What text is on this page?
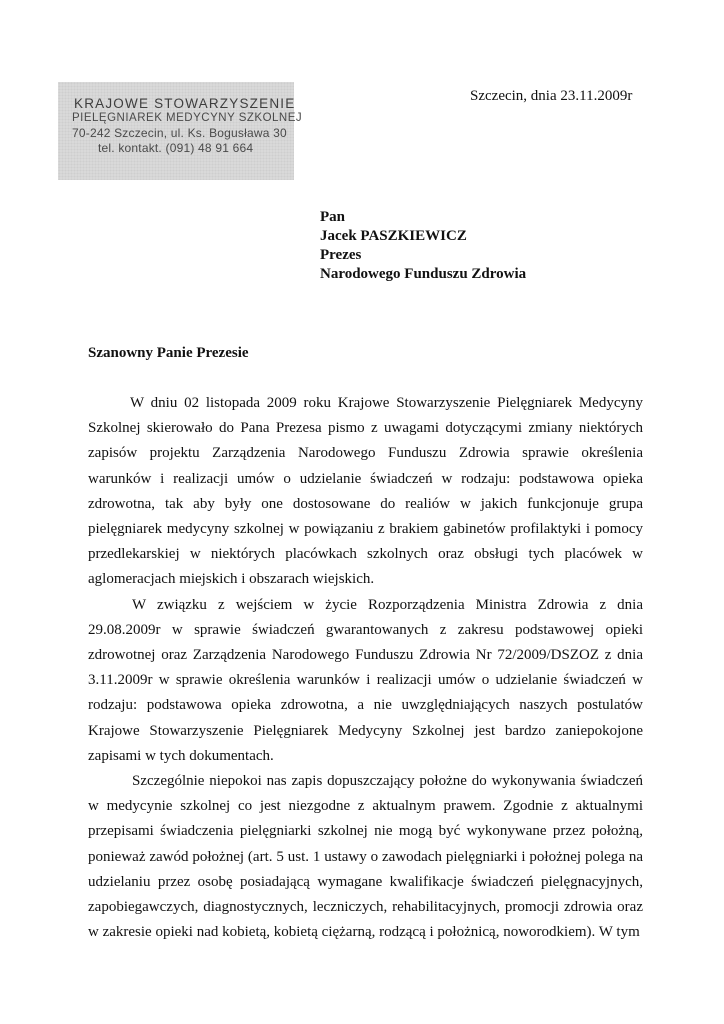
KRAJOWE STOWARZYSZENIE
PIELĘGNIAREK MEDYCYNY SZKOLNEJ
70-242 Szczecin, ul. Ks. Bogusława 30
tel. kontakt. (091) 48 91 664
Szczecin, dnia 23.11.2009r
Pan
Jacek PASZKIEWICZ
Prezes
Narodowego Funduszu Zdrowia
Szanowny Panie Prezesie

W dniu 02 listopada 2009 roku Krajowe Stowarzyszenie Pielęgniarek Medycyny Szkolnej skierowało do Pana Prezesa pismo z uwagami dotyczącymi zmiany niektórych zapisów projektu Zarządzenia Narodowego Funduszu Zdrowia sprawie określenia warunków i realizacji umów o udzielanie świadczeń w rodzaju: podstawowa opieka zdrowotna, tak aby były one dostosowane do realiów w jakich funkcjonuje grupa pielęgniarek medycyny szkolnej w powiązaniu z brakiem gabinetów profilaktyki i pomocy przedlekarskiej w niektórych placówkach szkolnych oraz obsługi tych placówek w aglomeracjach miejskich i obszarach wiejskich.

W związku z wejściem w życie Rozporządzenia Ministra Zdrowia z dnia 29.08.2009r w sprawie świadczeń gwarantowanych z zakresu podstawowej opieki zdrowotnej oraz Zarządzenia Narodowego Funduszu Zdrowia Nr 72/2009/DSZOZ z dnia 3.11.2009r w sprawie określenia warunków i realizacji umów o udzielanie świadczeń w rodzaju: podstawowa opieka zdrowotna, a nie uwzględniających naszych postulatów Krajowe Stowarzyszenie Pielęgniarek Medycyny Szkolnej jest bardzo zaniepokojone zapisami w tych dokumentach.

Szczególnie niepokoi nas zapis dopuszczający położne do wykonywania świadczeń w medycynie szkolnej co jest niezgodne z aktualnym prawem. Zgodnie z aktualnymi przepisami świadczenia pielęgniarki szkolnej nie mogą być wykonywane przez położną, ponieważ zawód położnej (art. 5 ust. 1 ustawy o zawodach pielęgniarki i położnej polega na udzielaniu przez osobę posiadającą wymagane kwalifikacje świadczeń pielęgnacyjnych, zapobiegawczych, diagnostycznych, leczniczych, rehabilitacyjnych, promocji zdrowia oraz w zakresie opieki nad kobietą, kobietą ciężarną, rodzącą i położnicą, noworodkiem). W tym
